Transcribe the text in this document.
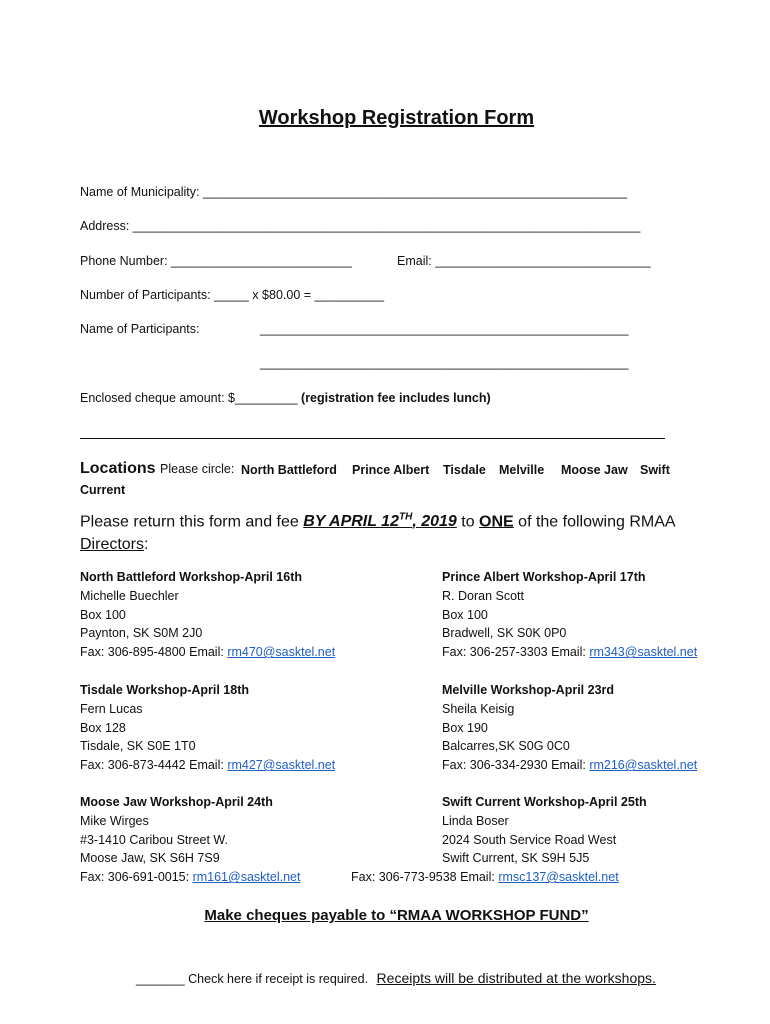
Workshop Registration Form
Name of Municipality: _____________________________________________________________
Address: _________________________________________________________________________
Phone Number: __________________________	Email: _______________________________
Number of Participants: _____ x $80.00 = __________
Name of Participants:	_____________________________________________________
_____________________________________________________
Enclosed cheque amount: $_________ (registration fee includes lunch)
Locations Please circle: North Battleford Prince Albert Tisdale Melville Moose Jaw Swift
Current
Please return this form and fee BY APRIL 12TH, 2019 to ONE of the following RMAA
Directors:
North Battleford Workshop-April 16th
Michelle Buechler
Box 100
Paynton, SK S0M 2J0
Fax: 306-895-4800 Email: rm470@sasktel.net
Prince Albert Workshop-April 17th
R. Doran Scott
Box 100
Bradwell, SK S0K 0P0
Fax: 306-257-3303 Email: rm343@sasktel.net
Tisdale Workshop-April 18th
Fern Lucas
Box 128
Tisdale, SK S0E 1T0
Fax: 306-873-4442 Email: rm427@sasktel.net
Melville Workshop-April 23rd
Sheila Keisig
Box 190
Balcarres,SK S0G 0C0
Fax: 306-334-2930 Email: rm216@sasktel.net
Moose Jaw Workshop-April 24th
Mike Wirges
#3-1410 Caribou Street W.
Moose Jaw, SK S6H 7S9
Fax: 306-691-0015: rm161@sasktel.net
Swift Current Workshop-April 25th
Linda Boser
2024 South Service Road West
Swift Current, SK S9H 5J5
Fax: 306-773-9538 Email: rmsc137@sasktel.net
Make cheques payable to “RMAA WORKSHOP FUND”
_______ Check here if receipt is required. Receipts will be distributed at the workshops.
